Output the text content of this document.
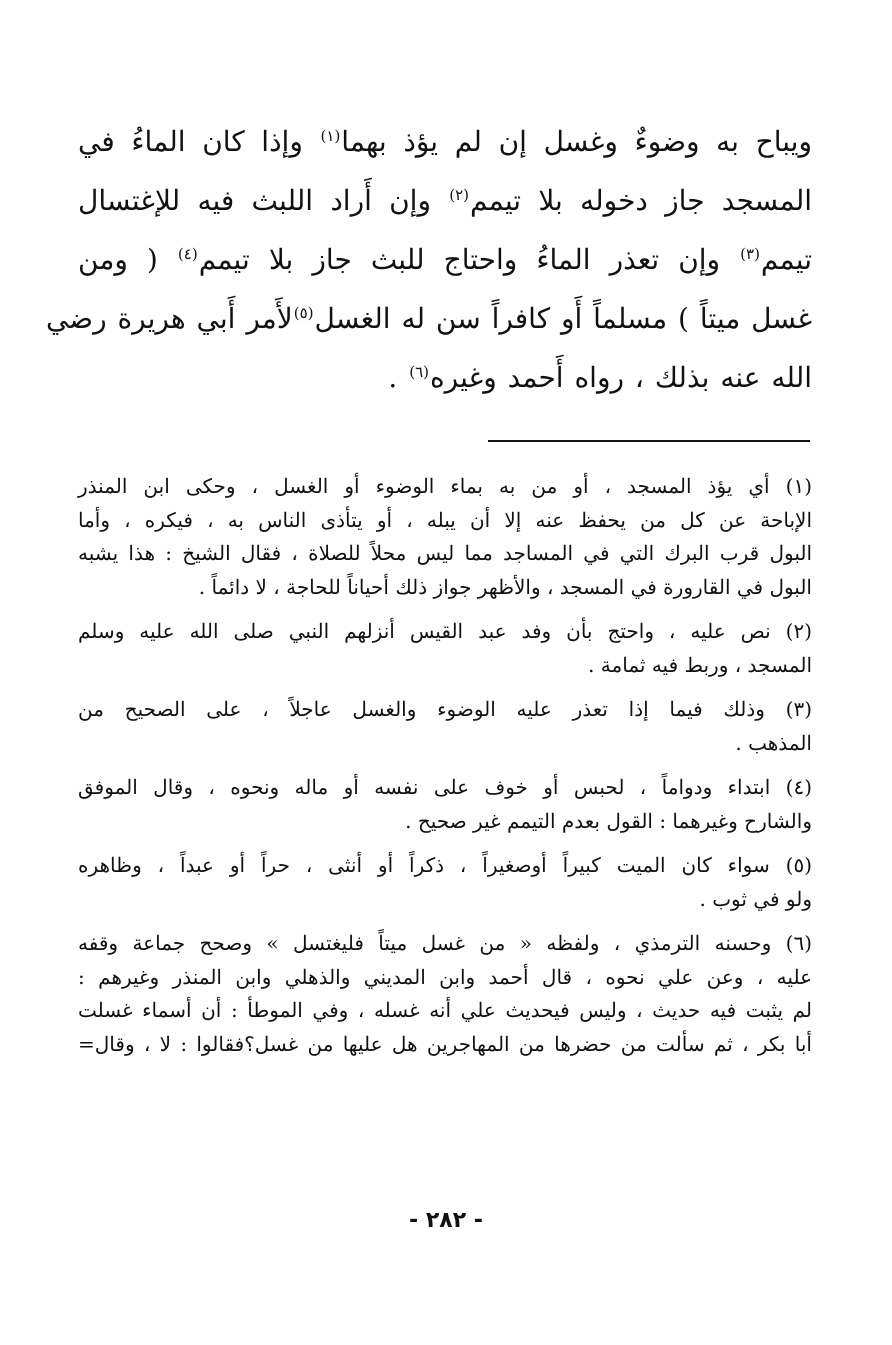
ويباح به وضوءٌ وغسل إن لم يؤذ بهما$^{(١)}$ وإذا كان الماءُ في
المسجد جاز دخوله بلا تيمم$^{(٢)}$ وإن أَراد اللبث فيه للإغتسال
تيمم$^{(٣)}$ وإن تعذر الماءُ واحتاج للبث جاز بلا تيمم$^{(٤)}$ ( ومن
غسل ميتاً ) مسلماً أَو كافراً سن له الغسل$^{(٥)}$لأَمر أَبي هريرة رضي
الله عنه بذلك ، رواه أَحمد وغيره$^{(٦)}$ .
(١) أي يؤذ المسجد ، أو من به بماء الوضوء أو الغسل ، وحكى ابن المنذر
الإباحة عن كل من يحفظ عنه إلا أن يبله ، أو يتأذى الناس به ، فيكره ، وأما
البول قرب البرك التي في المساجد مما ليس محلاً للصلاة ، فقال الشيخ : هذا يشبه
البول في القارورة في المسجد ، والأظهر جواز ذلك أحياناً للحاجة ، لا دائماً .
(٢) نص عليه ، واحتج بأن وفد عبد القيس أنزلهم النبي صلى الله عليه وسلم
المسجد ، وربط فيه ثمامة .
(٣) وذلك فيما إذا تعذر عليه الوضوء والغسل عاجلاً ، على الصحيح من
المذهب .
(٤) ابتداء ودواماً ، لحبس أو خوف على نفسه أو ماله ونحوه ، وقال الموفق
والشارح وغيرهما : القول بعدم التيمم غير صحيح .
(٥) سواء كان الميت كبيراً أوصغيراً ، ذكراً أو أنثى ، حراً أو عبداً ، وظاهره
ولو في ثوب .
(٦) وحسنه الترمذي ، ولفظه « من غسل ميتاً فليغتسل » وصحح جماعة وقفه
عليه ، وعن علي نحوه ، قال أحمد وابن المديني والذهلي وابن المنذر وغيرهم :
لم يثبت فيه حديث ، وليس فيحديث علي أنه غسله ، وفي الموطأ : أن أسماء غسلت
أبا بكر ، ثم سألت من حضرها من المهاجرين هل عليها من غسل؟فقالوا : لا ، وقال=
- ٢٨٢ -
